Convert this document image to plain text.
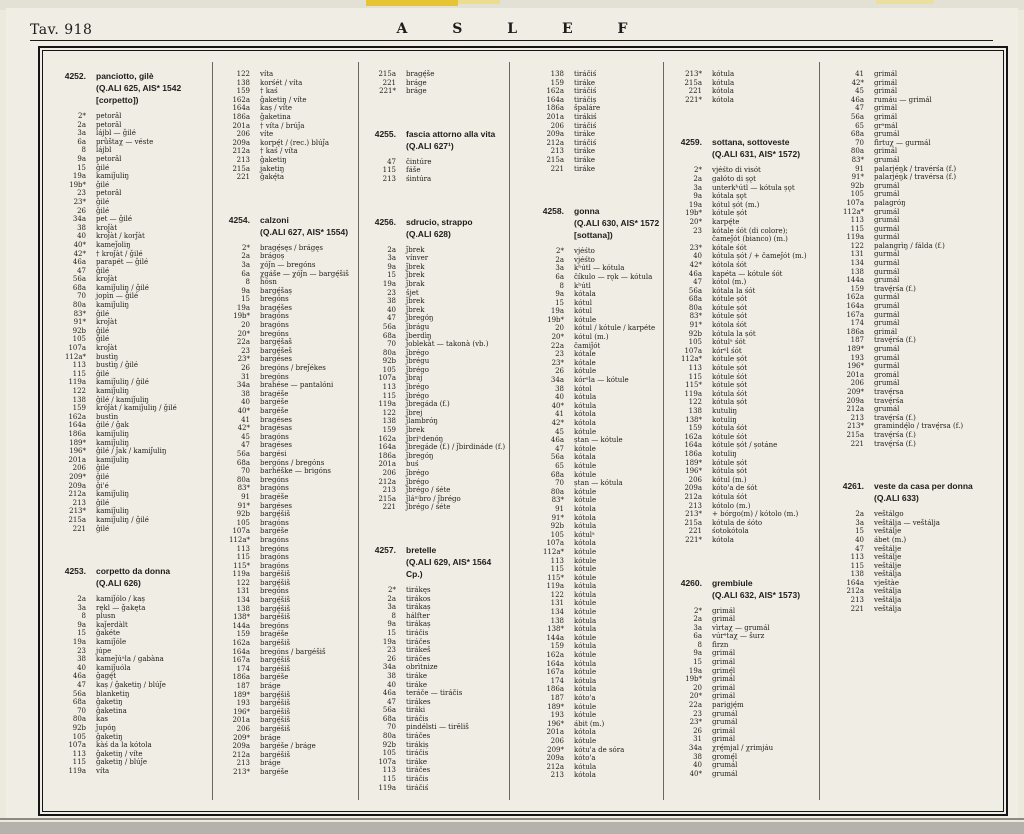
Tav. 918	A S L E F
4252. panciotto, gilè
(Q.ALI 625, AIS* 1542 [corpetto])
2* petorâl
2a petorâl
3a lájbl — ǧilé
6a prǜštaχ — véste
8 lájbl
9a petorâl
15 ǧilé
19a kamiǰuliŋ
19b* ǧilé
23 petorâl
23* ǧilé
26 ǧilé
34a pet — ǧilé
38 kroǰàt
40 kroǰàt / korǰàt
40* kameǰoliŋ
42* † kroǰàt / ǧilé
46a parapét — ǧilé
47 ǧilé
56a kroǰàt
68a kamiǰuliŋ / ǧilé
70 jopìn — ǧilé
80a kamiǰuliŋ
83* ǧilé
91* kroǰàt
92b ǧilé
105 ǧilé
107a kroǰàt
112a* bustìŋ
113 bustìŋ / ǧilé
115 ǧilé
119a kamiǰuliŋ / ǧilé
122 kamiǰuliŋ
138 ǧilé / kamiǰuliŋ
159 króǰàt / kamiǰuliŋ / ǧilé
162a bustìn
164a ǧilé / ǧak
186a kamiǰuliŋ
189* kamiǰuliŋ
196* ǧilé / ǰak / kamiǰuliŋ
201a kamiǰuliŋ
206 ǧilé
209* ǧilé
209a ǧi'é
212a kamiǰuliŋ
213 ǧilé
213* kamiǰuliŋ
215a kamiǰuliŋ / ǧilé
221 ǧilé
4253. corpetto da donna
(Q.ALI 626)
2a kamiǰólo / kaṣ
3a rękl — ǧakęta
8 plusn
9a kaǰerdàlt
15 ǧakéte
19a kamiǰóle
23 júpe
38 kameǰúᵃla / gabàna
40 kamiǰuóla
46a ǧagę́t
47 kaṣ / ǧaketiŋ / blúǰe
56a blanketiŋ
68a ǧaketiŋ
70 ǧaketina
80a kas
92b ǰupóŋ
105 ǧaketiŋ
107a kàś da la kótola
113 ǧaketiŋ / víte
115 ǧaketiŋ / blúǰe
119a víta
122 víta
138 korśét / víta
159 † kaś
162a ǧaketiŋ / víte
164a kaṣ / víte
186a ǧaketina
201a † víta / brúǰa
206 víte
209a korpę́t / (rec.) blúǰa
212a † kaś / víta
213 ǧaketiŋ
215a jaketiŋ
221 ǧakę́ta
4254. calzoni
(Q.ALI 627, AIS* 1554)
2* bragę́sęs / brágęs
2a brágoṣ
3a χóǰn — bregóns
6a χgáše — χóǰn — bargę́šiš
8 hósn
9a bargę́šaṣ
15 bregóns
19a bragę́šes
19b* bragóns
20 bragóns
20* bregóns
22a bargę́šaš
23 bargę́šeš
23* bargéses
26 bregóns / breǰékes
31 bregóns
34a brahése — pantalóni
38 bragéše
40 bargéše
40* bargéše
41 bragéses
42* bragésas
45 bragóns
47 bragéses
56a bargési
68a bergóns / bregóns
70 barhéške — brigóns
80a bregóns
83* bragóns
91 bragéše
91* bargéses
92b bargę́šiš
105 bragóns
107a bargéše
112a* bragóns
113 bregóns
115 bragóns
115* bragóns
119a bargéšiš
122 bargę́šiš
131 bregóns
134 bargę́šiš
138 bargę́šiš
138* bargéšiš
144a bregóns
159 bragéše
162a bargéšiš
164a bregóns / bargéšiš
167a bargę́šiš
174 bargéšiš
186a bargéše
187 bráge
189* bargę́šiš
193 bargéšiš
196* bargéšiš
201a bargę́šiš
206 bargéšiš
209* bráge
209a bargéše / bráge
212a bargéšiš
213 bráge
213* bargéše
215a bragę́še
221 bráge
221* bráge
4255. fascia attorno alla vita
(Q.ALI 627¹)
47 čintúre
115 fáše
213 śintúra
4256. sdrucio, strappo
(Q.ALI 628)
2a ǰbrek
3a vínver
9a ǰbrek
15 ǰbrek
19a ǰbrak
23 šjet
38 ǰbrek
40 ǰbrek
47 ǰbregóŋ
56a ǰbrágu
68a ǰberdìŋ
70 ǰoblekàt — takonà (vb.)
80a ǰbrégo
92b ǰbrégu
105 ǰbrégo
107a ǰbraj
113 ǰbrégo
115 ǰbrégo
119a ǰbregáda (f.)
122 ǰbrej
138 ǰlambróŋ
159 ǰbrek
162a ǰbriⁿdenóŋ
164a ǰbregáde (f.) / ǰbirdináde (f.)
186a ǰbregóŋ
201a buś
206 ǰbrégo
212a ǰbrégo
213 ǰbrégo / śéte
215a ǰláᵐbro / ǰbrégo
221 ǰbrégo / śéte
4257. bretelle
(Q.ALI 629, AIS* 1564 Cp.)
2* tirákęs
2a tirákos
3a tirákaṣ
8 hálfter
9a tirákaṣ
15 tiráčis
19a tiráčes
23 tirákeš
26 tiráčes
34a obrìtnize
38 tiráke
40 tiráke
46a teráče — tiráčis
47 tirákes
56a tiráki
68a tiráčis
70 pindélsti — tirěliš
80a tiráčes
92b tirákiṣ
105 tiráčis
107a tiráke
113 tiráčes
115 tiráčis
119a tiráčiś
138 tiráčiś
159 tiráke
162a tiráčiś
164a tiráčiṣ
186a špaláre
201a tirákiś
206 tiráčiś
209a tiráke
212a tiráčiś
213 tiráke
215a tiráke
221 tiráke
4258. gonna
(Q.ALI 630, AIS* 1572 [sottana])
2* vjéśto
2a vjéśto
3a kʰútl — kótula
6a číkulo — rǫk — kótula
8 kʰútl
9a kótala
15 kótul
19a kótul
19b* kótule
20 kótul / kótule / karpéte
20* kótul (m.)
22a čamiǰót
23 kótale
23* kótale
26 kótule
34a kórᵘla — kótule
38 kótol
40 kótula
40* kótula
41 kótola
42* kótola
45 kótule
46a ṣtan — kótule
47 kótole
56a kótala
65 kótule
68a kótule
70 ṣtan — kótula
80a kótule
83* kótule
91 kótola
91* kótola
92b kótula
105 kótulᵃ
107a kótola
112a* kótule
113 kótule
115 kótule
115* kótule
119a kótula
122 kótula
131 kótule
134 kótule
138 kótula
138* kótula
144a kótule
159 kótula
162a kótule
164a kótula
167a kótule
174 kótula
186a kótula
187 kóto'a
189* kótule
193 kótule
196* ábit (m.)
201a kótola
206 kótule
209* kótu'a de sóra
209a kóto'a
212a kótula
213 kótola
213* kótula
215a kótula
221 kótola
221* kótola
4259. sottana, sottoveste
(Q.ALI 631, AIS* 1572)
2* vjéśto di visót
2a gałóto di ṣǫt
3a unterkʰútl — kótula ṣǫt
9a kótala ṣǫt
19a kótul ṣót (m.)
19b* kótule ṣót
20* karpę́te
23 kótale śót (di colore); čameǰót (bianco) (m.)
23* kótale śót
40 kótula ṣót / + čameǰót (m.)
42* kótola śót
46a kapéta — kótule śót
47 kótol (m.)
56a kótala la śót
68a kótule ṣót
80a kótule ṣót
83* kótule ṣót
91* kótola śót
92b kótula la ṣót
105 kótulᵃ śót
107a kórᵘl śót
112a* kótule ṣót
113 kótule ṣót
115 kótule śót
115* kótule ṣót
119a kótula śót
122 kótula ṣót
138 kutuliŋ
138* kotuliŋ
159 kótula śót
162a kótule śót
164a kótule ṣót / ṣotáne
186a kotuliŋ
189* kótule ṣót
196* kótula ṣót
206 kótul (m.)
209a kóto'a de śót
212a kótula śót
213 kótolo (m.)
213* + bórgo(m) / kótolo (m.)
215a kótula de śóto
221 śotokótola
221* kótola
4260. grembiule
(Q.ALI 632, AIS* 1573)
2* grimál
2a grimál
3a vìrtaχ — grumál
6a vúrᵊtaχ — šurz
8 fìrzn
9a grimál
15 grimál
19a grimę́l
19b* grimál
20 grimál
20* grimál
22a parigję́m
23 grumál
23* grumál
26 grimál
31 grimál
34a χrę́mjal / χrimjáu
38 gromę́l
40 grumál
40* grumál
41 grimál
42* grimál
45 grimál
46a rumáu — grimál
47 grimál
56a grimál
65 grᵃmál
68a grumál
70 fìrtuχ — gurmál
80a grimál
83* grumál
91 palarjéŋk / travérśa (f.)
91* palarjéŋk / travérsa (f.)
92b grumál
105 grumál
107a palagróŋ
112a* grumál
113 grumál
115 gurmál
119a gurmál
122 palangrìŋ / fálda (f.)
131 gurmál
134 gurmál
138 gurmál
144a grumál
159 travę́rśa (f.)
162a gurmál
164a grumál
167a gurmál
174 grumál
186a grimál
187 travę́rśa (f.)
189* grumál
193 grumál
196* gurmál
201a gromál
206 grumál
209* travę́rsa
209a travę́rśa
212a grumál
213 travę́rśa (f.)
213* gramindę́lo / travę́rsa (f.)
215a travę́rśa (f.)
221 travę́rśa (f.)
4261. veste da casa per donna
(Q.ALI 633)
2a veštálgo
3a veštálja — veštálja
15 veštálje
40 ábet (m.)
47 veštálje
113 veštálje
115 veštálje
138 veštálja
164a vještàe
212a veštálja
213 veštálja
221 veštálja
